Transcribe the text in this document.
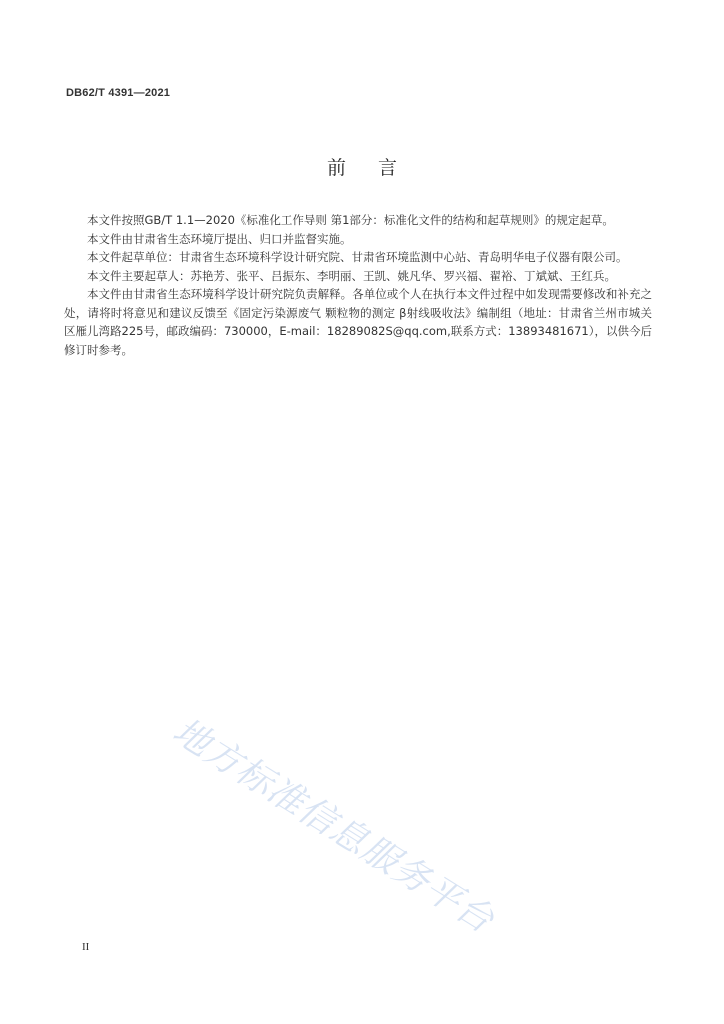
DB62/T 4391—2021
前言

本文件按照GB/T 1.1—2020《标准化工作导则 第1部分：标准化文件的结构和起草规则》的规定起草。

本文件由甘肃省生态环境厅提出、归口并监督实施。

本文件起草单位：甘肃省生态环境科学设计研究院、甘肃省环境监测中心站、青岛明华电子仪器有限公司。

本文件主要起草人：苏艳芳、张平、吕振东、李明丽、王凯、姚凡华、罗兴福、翟裕、丁斌斌、王红兵。

本文件由甘肃省生态环境科学设计研究院负责解释。各单位或个人在执行本文件过程中如发现需要修改和补充之处，请将时将意见和建议反馈至《固定污染源废气 颗粒物的测定 β射线吸收法》编制组（地址：甘肃省兰州市城关区雁儿湾路225号，邮政编码：730000，E-mail：18289082S@qq.com,联系方式：13893481671），以供今后修订时参考。

地方标准信息服务平台
II
